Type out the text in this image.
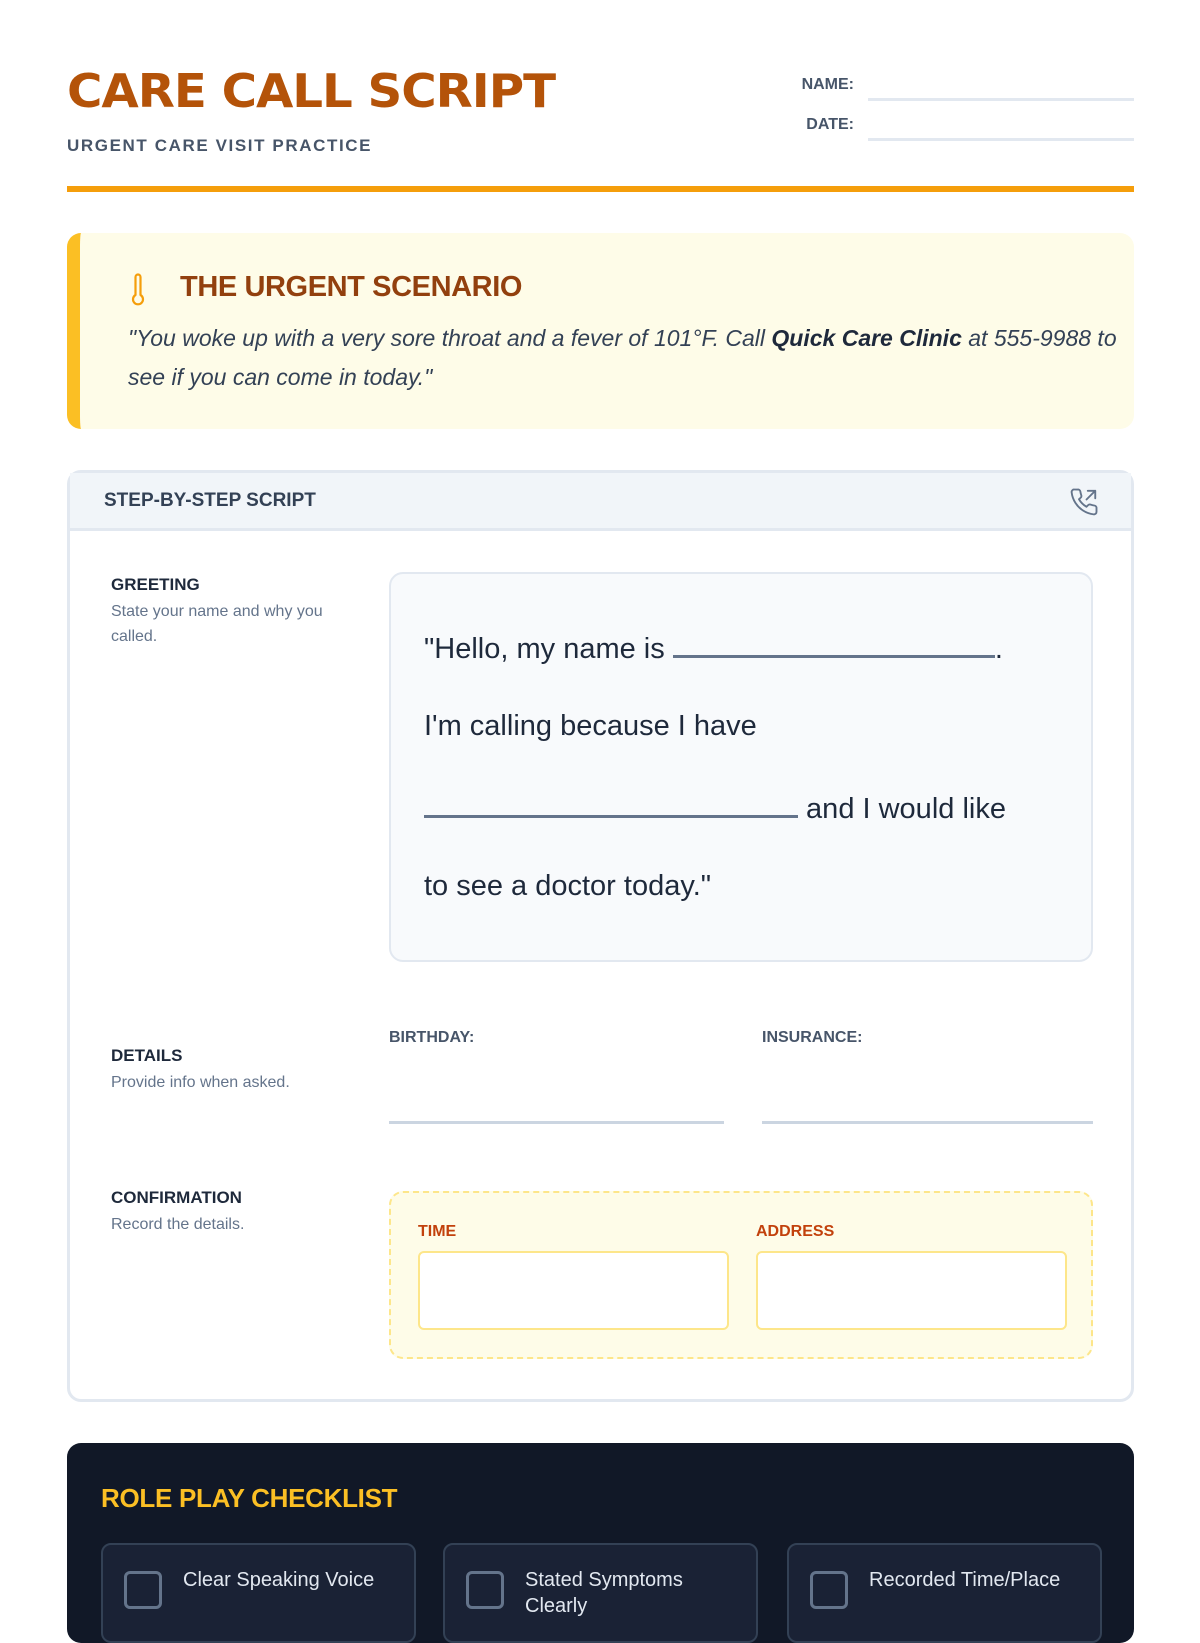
CARE CALL SCRIPT
URGENT CARE VISIT PRACTICE
NAME:
DATE:
THE URGENT SCENARIO
"You woke up with a very sore throat and a fever of 101°F. Call Quick Care Clinic at 555-9988 to see if you can come in today."
STEP-BY-STEP SCRIPT
GREETING
State your name and why you called.	"Hello, my name is	.
I'm calling because I have
and I would like
to see a doctor today."
DETAILS
Provide info when asked.
BIRTHDAY:	INSURANCE:
CONFIRMATION
Record the details.	TIME	ADDRESS
ROLE PLAY CHECKLIST
Clear Speaking Voice	Stated Symptoms Clearly
Recorded Time/Place
